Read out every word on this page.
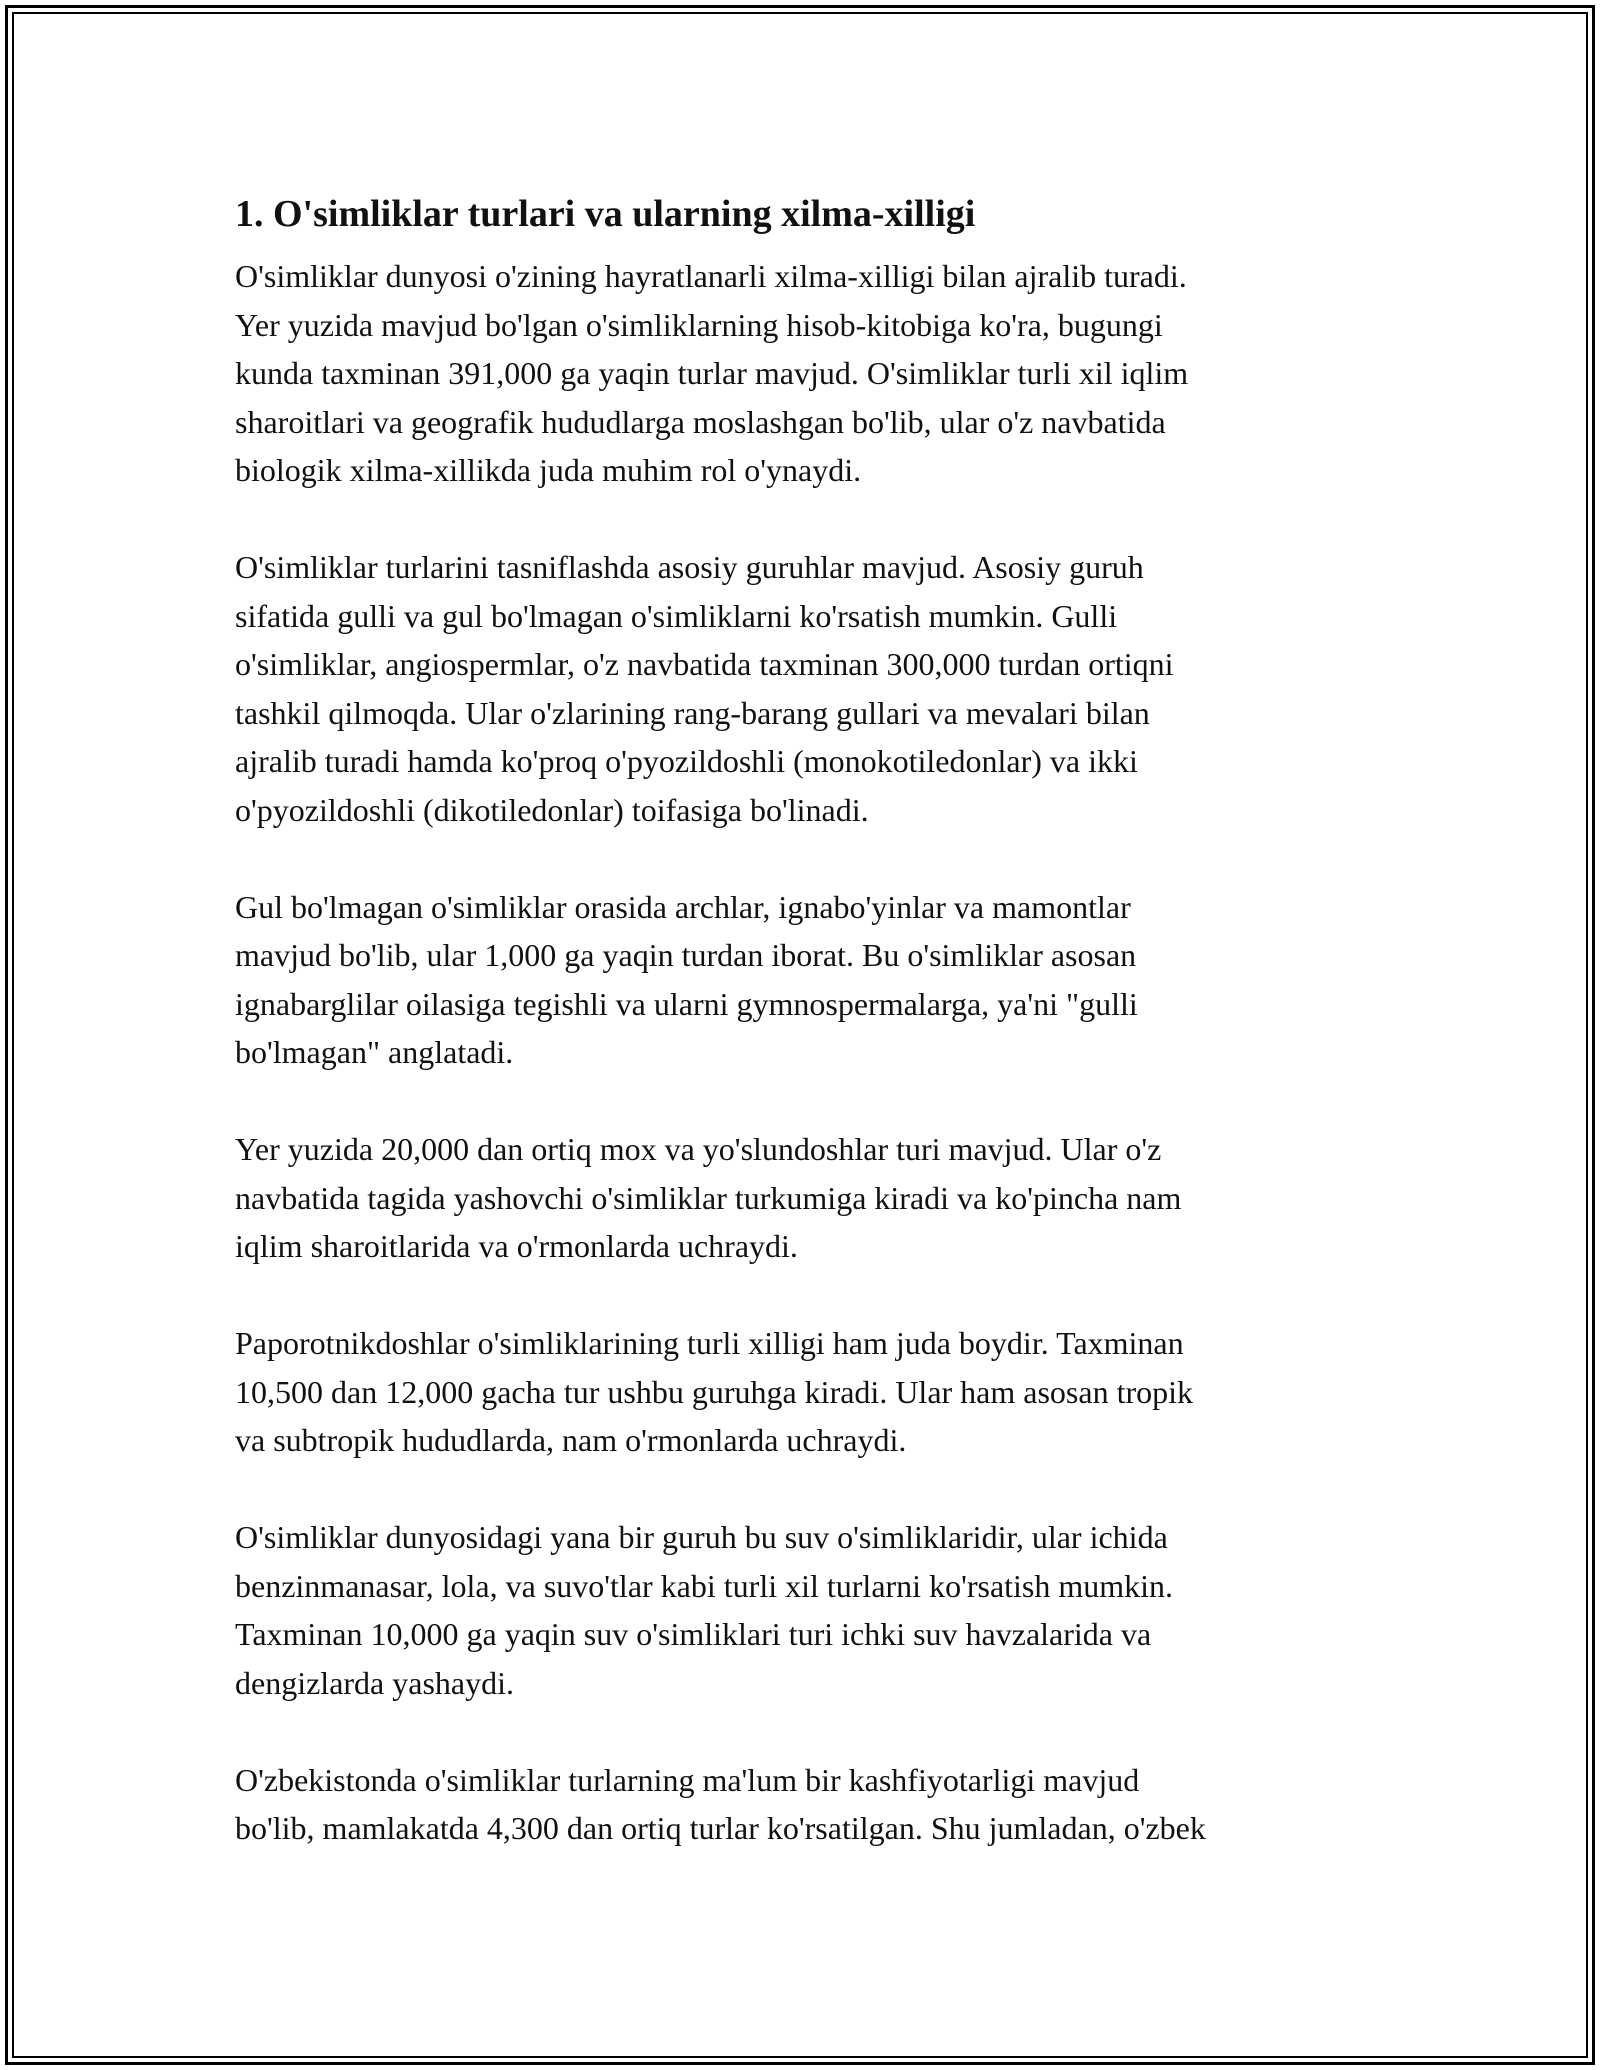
1. O'simliklar turlari va ularning xilma-xilligi

O'simliklar dunyosi o'zining hayratlanarli xilma-xilligi bilan ajralib turadi.
Yer yuzida mavjud bo'lgan o'simliklarning hisob-kitobiga ko'ra, bugungi
kunda taxminan 391,000 ga yaqin turlar mavjud. O'simliklar turli xil iqlim
sharoitlari va geografik hududlarga moslashgan bo'lib, ular o'z navbatida
biologik xilma-xillikda juda muhim rol o'ynaydi.

O'simliklar turlarini tasniflashda asosiy guruhlar mavjud. Asosiy guruh
sifatida gulli va gul bo'lmagan o'simliklarni ko'rsatish mumkin. Gulli
o'simliklar, angiospermlar, o'z navbatida taxminan 300,000 turdan ortiqni
tashkil qilmoqda. Ular o'zlarining rang-barang gullari va mevalari bilan
ajralib turadi hamda ko'proq o'pyozildoshli (monokotiledonlar) va ikki
o'pyozildoshli (dikotiledonlar) toifasiga bo'linadi.

Gul bo'lmagan o'simliklar orasida archlar, ignabo'yinlar va mamontlar
mavjud bo'lib, ular 1,000 ga yaqin turdan iborat. Bu o'simliklar asosan
ignabarglilar oilasiga tegishli va ularni gymnospermalarga, ya'ni "gulli
bo'lmagan" anglatadi.

Yer yuzida 20,000 dan ortiq mox va yo'slundoshlar turi mavjud. Ular o'z
navbatida tagida yashovchi o'simliklar turkumiga kiradi va ko'pincha nam
iqlim sharoitlarida va o'rmonlarda uchraydi.

Paporotnikdoshlar o'simliklarining turli xilligi ham juda boydir. Taxminan
10,500 dan 12,000 gacha tur ushbu guruhga kiradi. Ular ham asosan tropik
va subtropik hududlarda, nam o'rmonlarda uchraydi.

O'simliklar dunyosidagi yana bir guruh bu suv o'simliklaridir, ular ichida
benzinmanasar, lola, va suvo'tlar kabi turli xil turlarni ko'rsatish mumkin.
Taxminan 10,000 ga yaqin suv o'simliklari turi ichki suv havzalarida va
dengizlarda yashaydi.

O'zbekistonda o'simliklar turlarning ma'lum bir kashfiyotarligi mavjud
bo'lib, mamlakatda 4,300 dan ortiq turlar ko'rsatilgan. Shu jumladan, o'zbek
